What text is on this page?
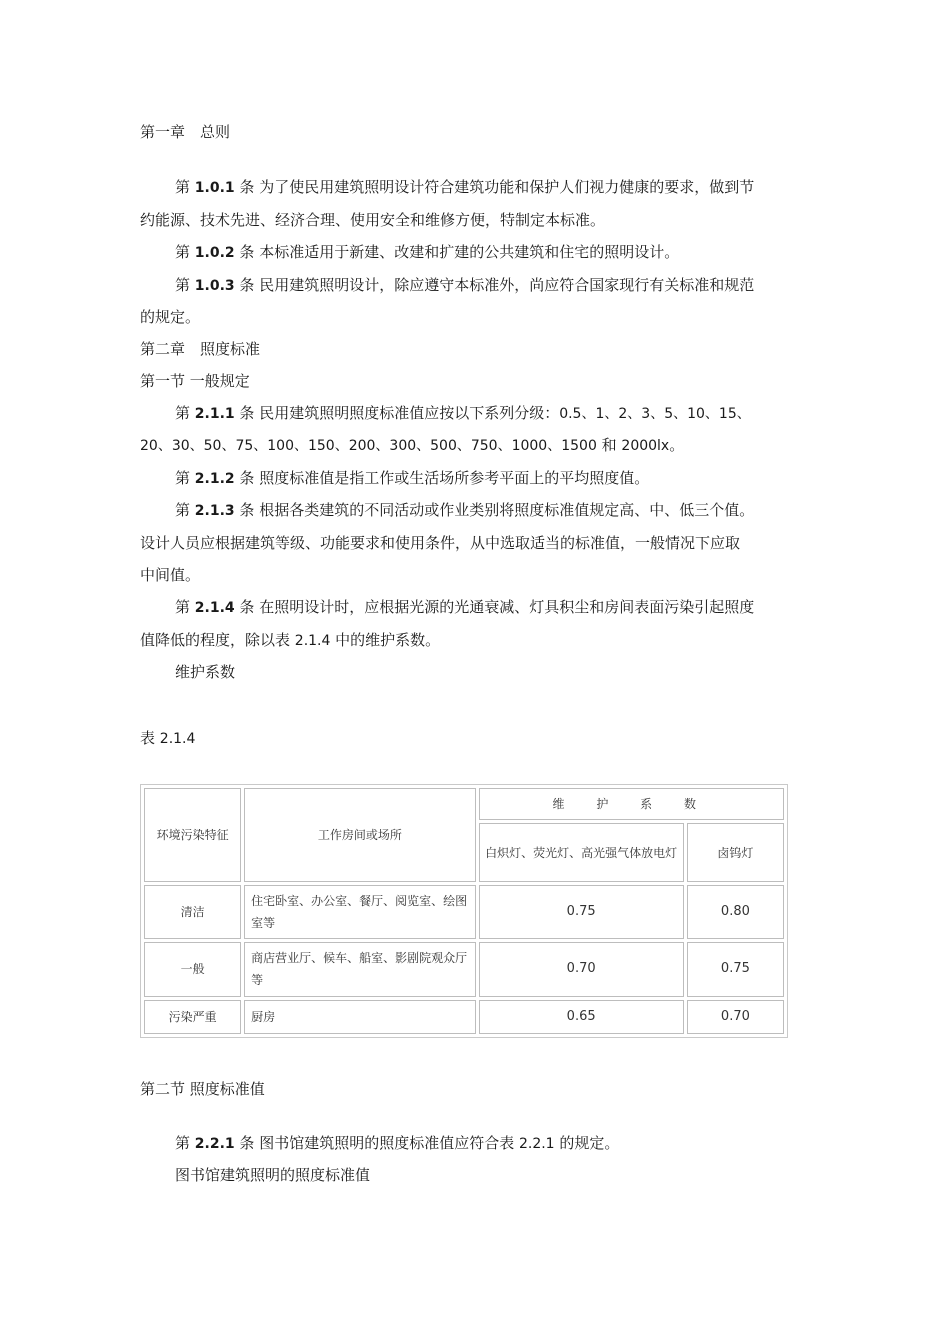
第一章　总则
第 1.0.1 条 为了使民用建筑照明设计符合建筑功能和保护人们视力健康的要求，做到节
约能源、技术先进、经济合理、使用安全和维修方便，特制定本标准。
第 1.0.2 条 本标准适用于新建、改建和扩建的公共建筑和住宅的照明设计。
第 1.0.3 条 民用建筑照明设计，除应遵守本标准外，尚应符合国家现行有关标准和规范
的规定。
第二章　照度标准
第一节 一般规定
第 2.1.1 条 民用建筑照明照度标准值应按以下系列分级：0.5、1、2、3、5、10、15、
20、30、50、75、100、150、200、300、500、750、1000、1500 和 2000lx。
第 2.1.2 条 照度标准值是指工作或生活场所参考平面上的平均照度值。
第 2.1.3 条 根据各类建筑的不同活动或作业类别将照度标准值规定高、中、低三个值。
设计人员应根据建筑等级、功能要求和使用条件，从中选取适当的标准值，一般情况下应取
中间值。
第 2.1.4 条 在照明设计时，应根据光源的光通衰减、灯具积尘和房间表面污染引起照度
值降低的程度，除以表 2.1.4 中的维护系数。
维护系数
表 2.1.4
环境污染特征	工作房间或场所	维 护 系 数	
		白炽灯、荧光灯、高光强气体放电灯	卤钨灯
清洁	住宅卧室、办公室、餐厅、阅览室、绘图室等	0.75	0.80
一般	商店营业厅、候车、船室、影剧院观众厅等	0.70	0.75
污染严重	厨房	0.65	0.70
第二节 照度标准值
第 2.2.1 条 图书馆建筑照明的照度标准值应符合表 2.2.1 的规定。
图书馆建筑照明的照度标准值
